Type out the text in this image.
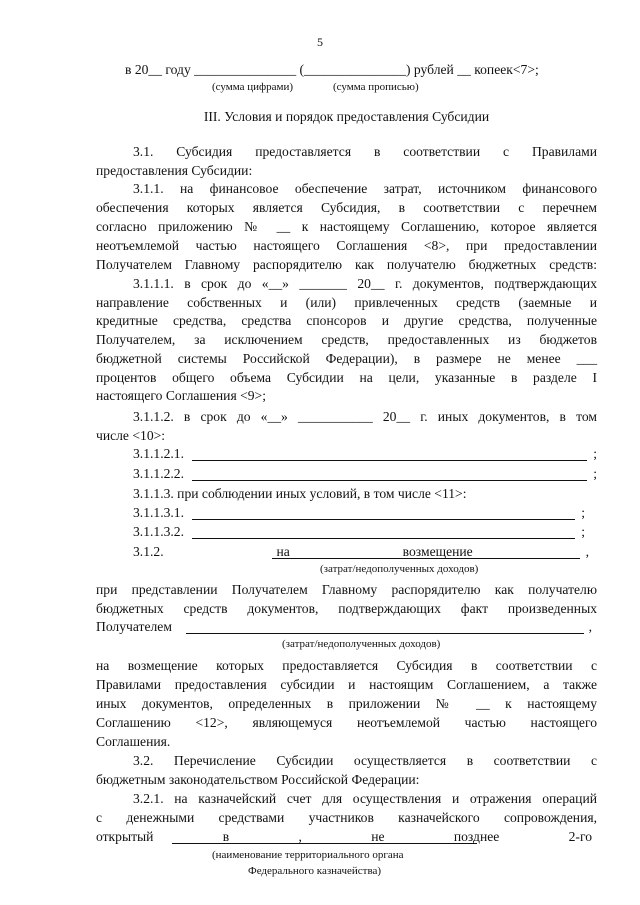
5
в 20__ году _______________ (_______________) рублей __ копеек<7>;
(сумма цифрами)	(сумма прописью)
III. Условия и порядок предоставления Субсидии
3.1. Субсидия предоставляется в соответствии с Правилами
предоставления Субсидии:
3.1.1. на финансовое обеспечение затрат, источником финансового
обеспечения которых является Субсидия, в соответствии с перечнем
согласно приложению № __ к настоящему Соглашению, которое является
неотъемлемой частью настоящего Соглашения <8>, при предоставлении
Получателем Главному распорядителю как получателю бюджетных средств:
3.1.1.1. в срок до «__» _______ 20__ г. документов, подтверждающих
направление собственных и (или) привлеченных средств (заемные и
кредитные средства, средства спонсоров и другие средства, полученные
Получателем, за исключением средств, предоставленных из бюджетов
бюджетной системы Российской Федерации), в размере не менее ___
процентов общего объема Субсидии на цели, указанные в разделе I
настоящего Соглашения <9>;
3.1.1.2. в срок до «__» ___________ 20__ г. иных документов, в том
числе <10>:
3.1.1.2.1. ;
3.1.1.2.2. ;
3.1.1.3. при соблюдении иных условий, в том числе <11>:
3.1.1.3.1. ;
3.1.1.3.2. ;
3.1.2. на возмещение ,
(затрат/недополученных доходов)
при представлении Получателем Главному распорядителю как получателю
бюджетных средств документов, подтверждающих факт произведенных
Получателем ,
(затрат/недополученных доходов)
на возмещение которых предоставляется Субсидия в соответствии с
Правилами предоставления субсидии и настоящим Соглашением, а также
иных документов, определенных в приложении № __ к настоящему
Соглашению <12>, являющемуся неотъемлемой частью настоящего
Соглашения.
3.2. Перечисление Субсидии осуществляется в соответствии с
бюджетным законодательством Российской Федерации:
3.2.1. на казначейский счет для осуществления и отражения операций
с денежными средствами участников казначейского сопровождения,
открытый в , не позднее 2-го
(наименование территориального органа
Федерального казначейства)
